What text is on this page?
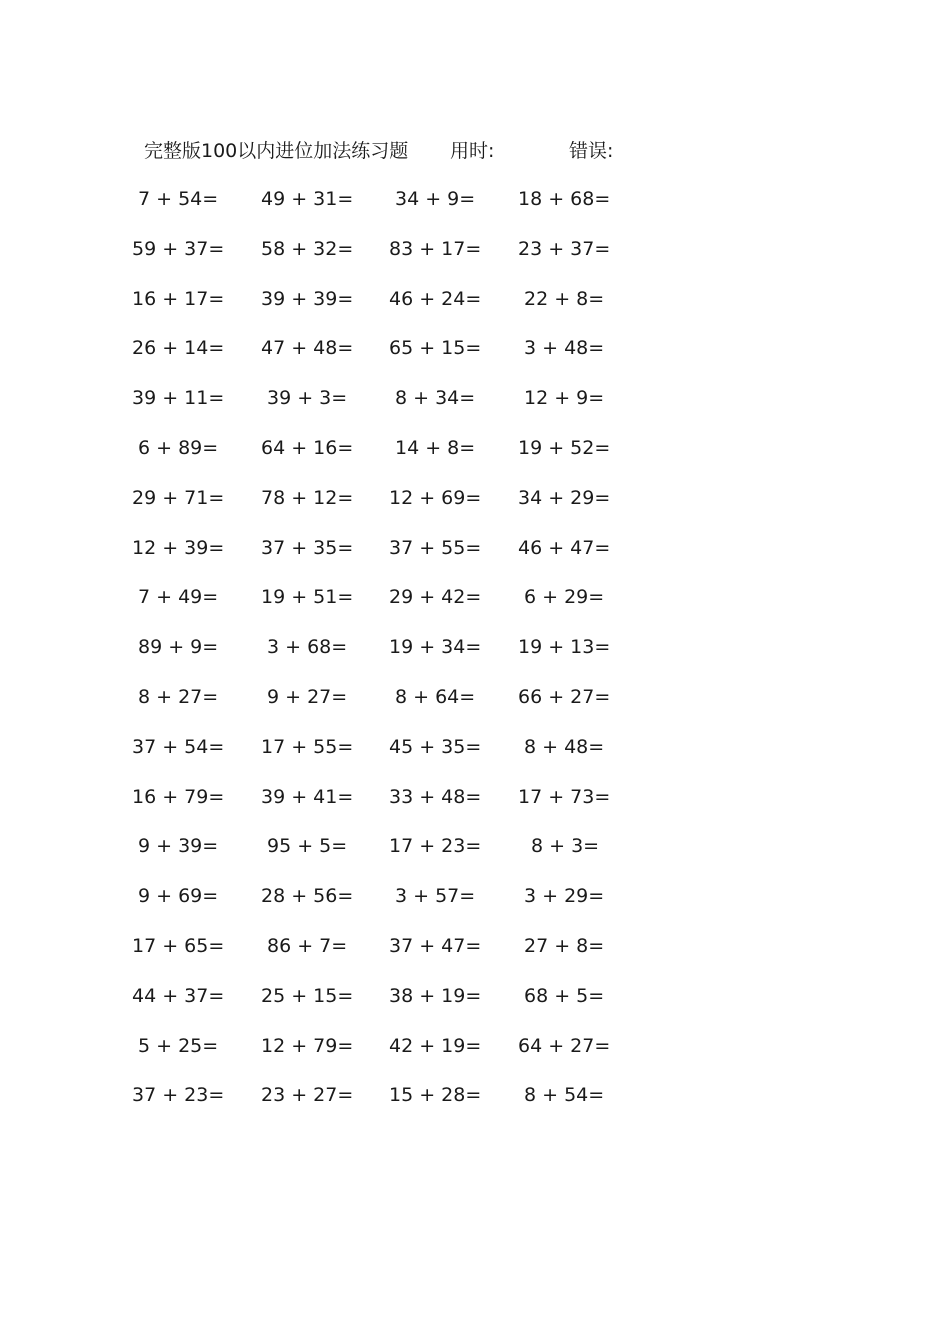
完整版100以内进位加法练习题 用时:	错误:
7 + 54= 49 + 31= 34 + 9= 18 + 68=
59 + 37= 58 + 32= 83 + 17= 23 + 37=
16 + 17= 39 + 39= 46 + 24= 22 + 8=
26 + 14= 47 + 48= 65 + 15= 3 + 48=
39 + 11= 39 + 3=	8 + 34=	12 + 9=
6 + 89= 64 + 16= 14 + 8= 19 + 52=
29 + 71= 78 + 12= 12 + 69= 34 + 29=
12 + 39= 37 + 35= 37 + 55= 46 + 47=
7 + 49= 19 + 51= 29 + 42= 6 + 29=
89 + 9=	3 + 68= 19 + 34= 19 + 13=
8 + 27=	9 + 27=	8 + 64= 66 + 27=
37 + 54= 17 + 55= 45 + 35= 8 + 48=
16 + 79= 39 + 41= 33 + 48= 17 + 73=
9 + 39=	95 + 5= 17 + 23=	8 + 3=
9 + 69= 28 + 56= 3 + 57=	3 + 29=
17 + 65= 86 + 7= 37 + 47= 27 + 8=
44 + 37= 25 + 15= 38 + 19= 68 + 5=
5 + 25= 12 + 79= 42 + 19= 64 + 27=
37 + 23= 23 + 27= 15 + 28= 8 + 54=
